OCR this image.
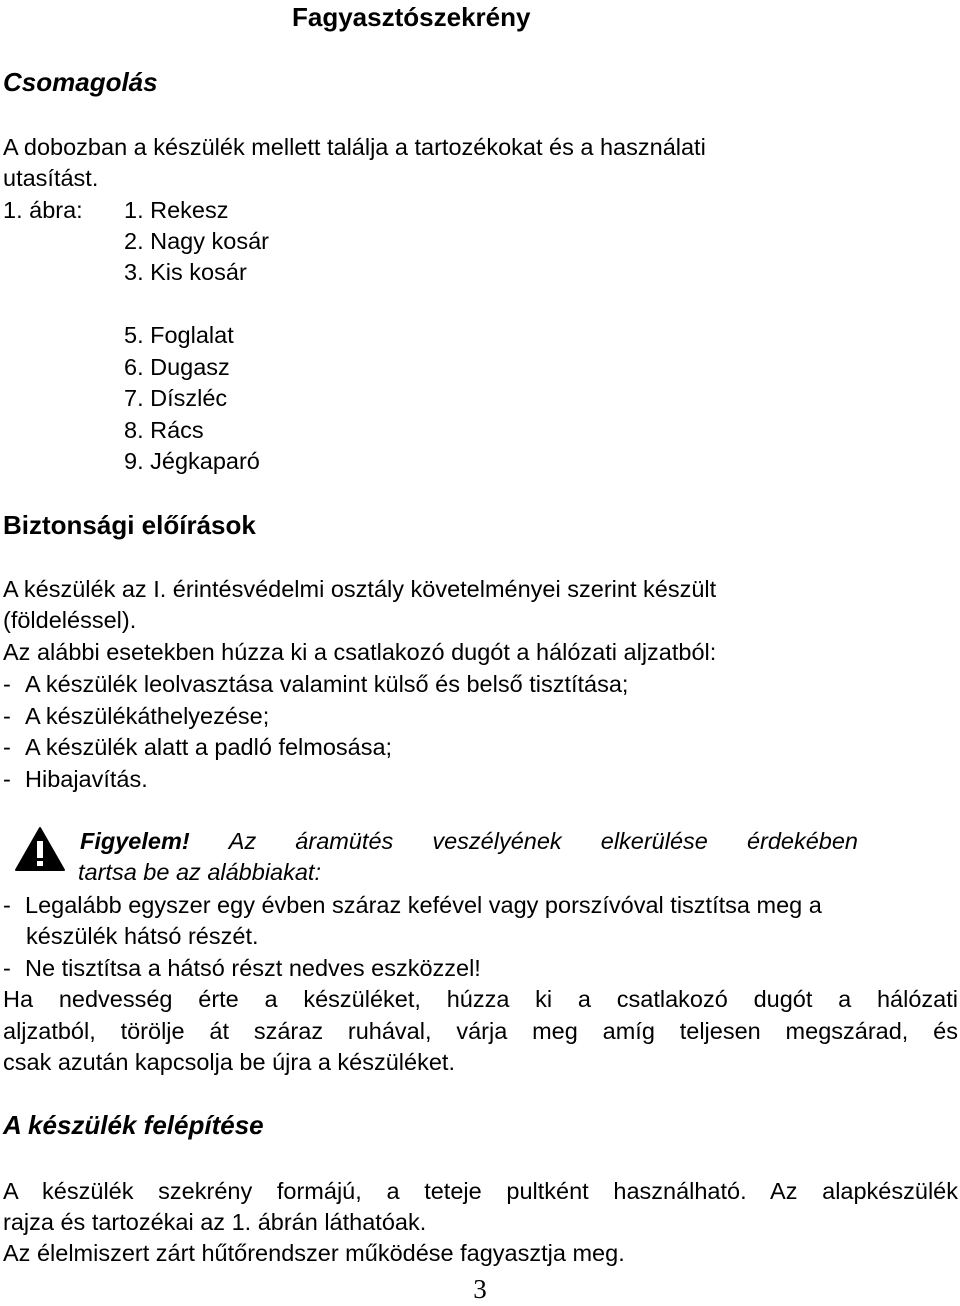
Fagyasztószekrény
Csomagolás

A dobozban a készülék mellett találja a tartozékokat és a használati

utasítást.

1. ábra: 1. Rekesz
2. Nagy kosár
3. Kis kosár
5. Foglalat
6. Dugasz
7. Díszléc
8. Rács
9. Jégkaparó
Biztonsági előírások

A készülék az I. érintésvédelmi osztály követelményei szerint készült

(földeléssel).

Az alábbi esetekben húzza ki a csatlakozó dugót a hálózati aljzatból:

- A készülék leolvasztása valamint külső és belső tisztítása;

- A készülékáthelyezése;

- A készülék alatt a padló felmosása;

- Hibajavítás.

Figyelem! Az áramütés veszélyének elkerülése érdekében

tartsa be az alábbiakat:

- Legalább egyszer egy évben száraz kefével vagy porszívóval tisztítsa meg a

készülék hátsó részét.

- Ne tisztítsa a hátsó részt nedves eszközzel!

Ha nedvesség érte a készüléket, húzza ki a csatlakozó dugót a hálózati

aljzatból, törölje át száraz ruhával, várja meg amíg teljesen megszárad, és

csak azután kapcsolja be újra a készüléket.

A készülék felépítése

A készülék szekrény formájú, a teteje pultként használható. Az alapkészülék

rajza és tartozékai az 1. ábrán láthatóak.

Az élelmiszert zárt hűtőrendszer működése fagyasztja meg.

3
